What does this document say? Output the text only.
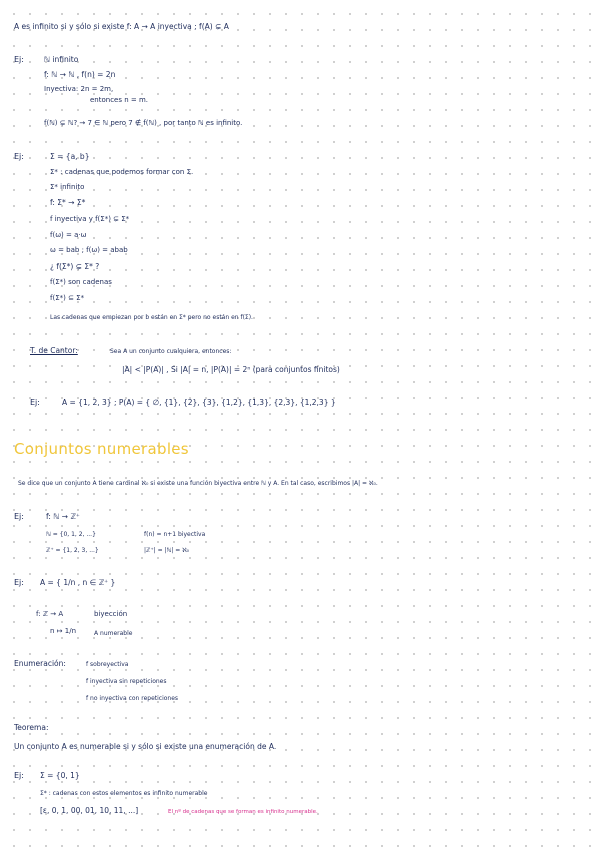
A es infinito si y sólo si existe f: A → A inyectiva ; f(A) ⊊ A
Ej:	ℕ infinito
f: ℕ → ℕ , f(n) = 2n
Inyectiva: 2n = 2m,
entonces n = m.
f(ℕ) ⊊ ℕ? → 7 ∈ ℕ pero 7 ∉ f(ℕ) , por tanto ℕ es infinito.
Ej:	Σ = {a, b}
Σ* : cadenas que podemos formar con Σ.
Σ* infinito
f: Σ* → Σ*
f inyectiva y f(Σ*) ⊊ Σ*
f(ω) = a·ω
ω = bab ; f(ω) = abab
¿ f(Σ*) ⊊ Σ* ?
f(Σ*) son cadenas
f(Σ*) ⊆ Σ*
Las cadenas que empiezan por b están en Σ* pero no están en f(Σ).
T. de Cantor:	Sea A un conjunto cualquiera, entonces:
|A| < |P(A)| , Si |A| = n, |P(A)| = 2ⁿ (para conjuntos finitos)
Ej:	A = {1, 2, 3} ; P(A) = { ∅, {1}, {2}, {3}, {1,2}, {1,3}, {2,3}, {1,2,3} }
Conjuntos numerables
Se dice que un conjunto A tiene cardinal ℵ₀ si existe una función biyectiva entre ℕ y A. En tal caso, escribimos |A| = ℵ₀.
Ej:	f: ℕ → ℤ⁺
ℕ = {0, 1, 2, ...}	f(n) = n+1 biyectiva
ℤ⁺ = {1, 2, 3, ...}	|ℤ⁺| = |ℕ| = ℵ₀
Ej: A = { 1/n , n ∈ ℤ⁺ }
f: ℤ → A	biyección
n ↦ 1/n	A numerable
Enumeración:	f sobreyectiva
f inyectiva sin repeticiones
f no inyectiva con repeticiones
Teorema:
Un conjunto A es numerable si y sólo si existe una enumeración de A.
Ej: Σ = {0, 1}
Σ* : cadenas con estos elementos es infinito numerable
[ε, 0, 1, 00, 01, 10, 11, ...]	El nº de cadenas que se forman es infinito numerable.
